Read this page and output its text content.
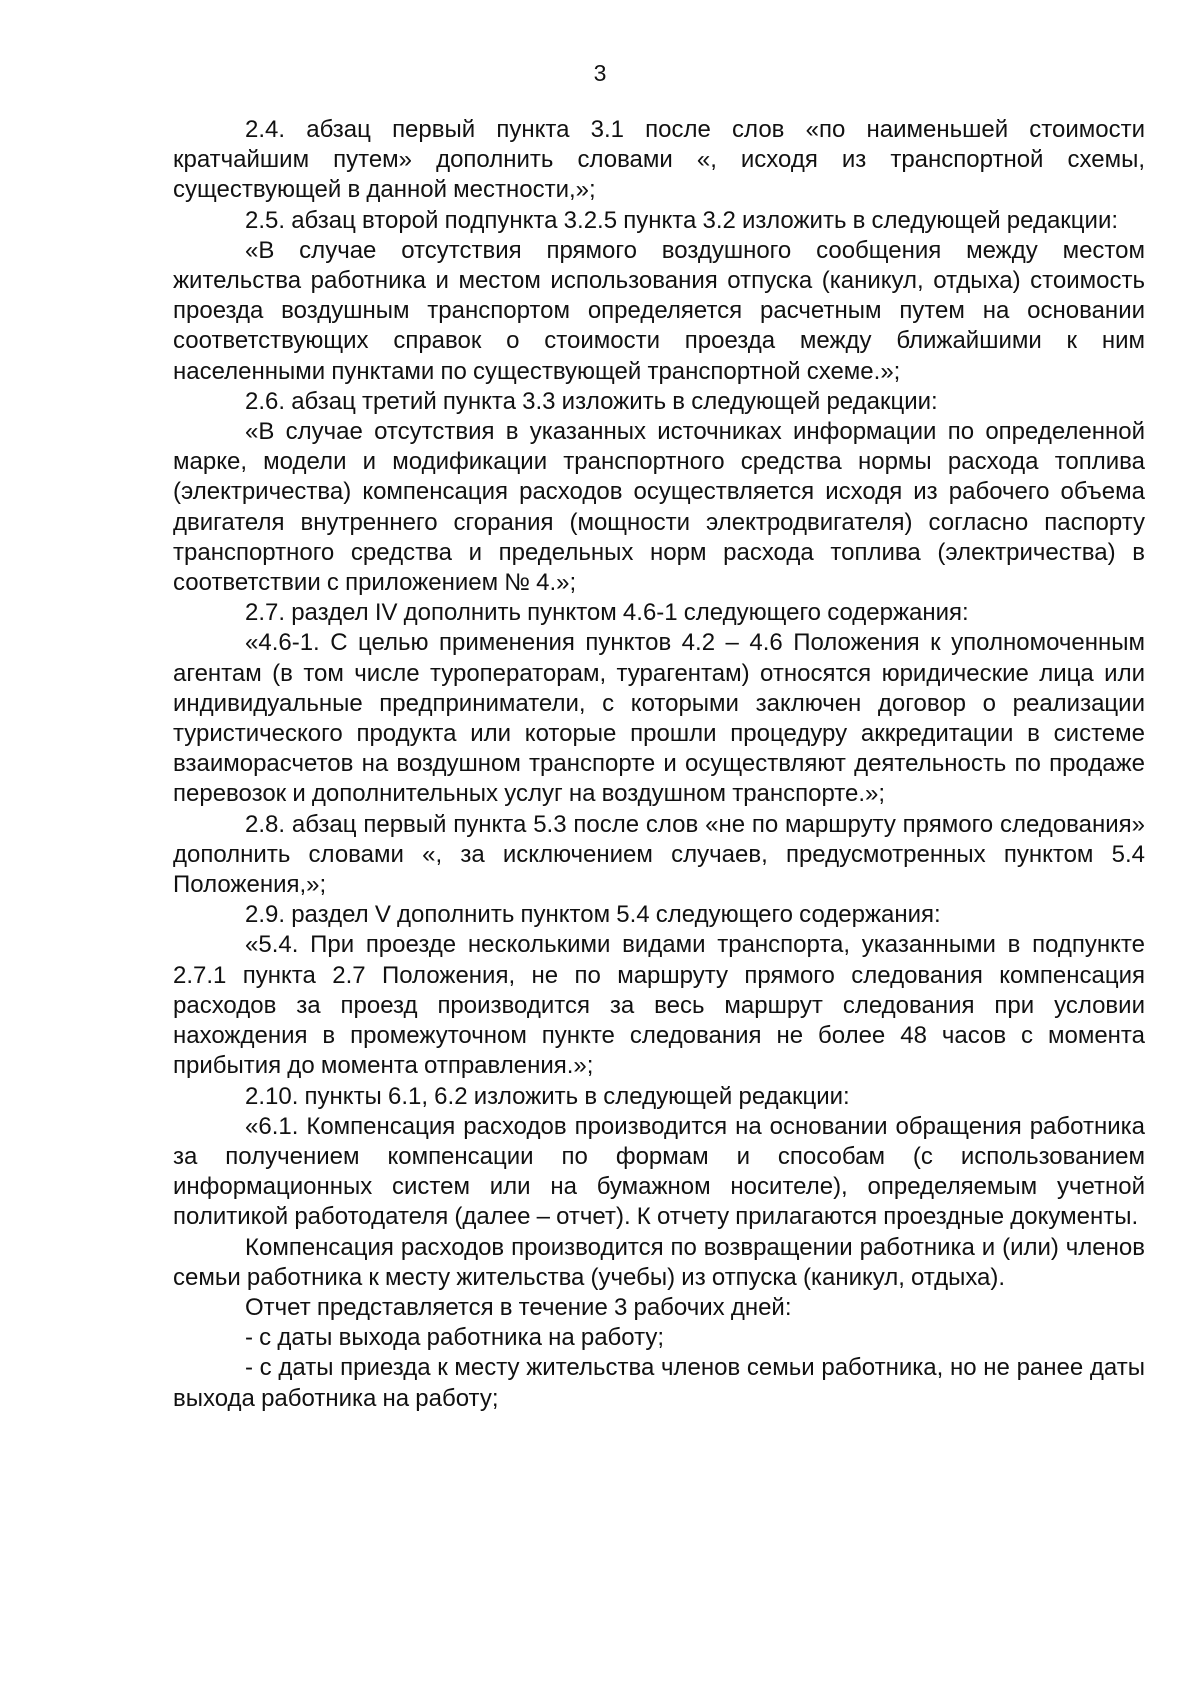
3

2.4. абзац первый пункта 3.1 после слов «по наименьшей стоимости кратчайшим путем» дополнить словами «, исходя из транспортной схемы, существующей в данной местности,»;

2.5. абзац второй подпункта 3.2.5 пункта 3.2 изложить в следующей редакции:

«В случае отсутствия прямого воздушного сообщения между местом жительства работника и местом использования отпуска (каникул, отдыха) стоимость проезда воздушным транспортом определяется расчетным путем на основании соответствующих справок о стоимости проезда между ближайшими к ним населенными пунктами по существующей транспортной схеме.»;

2.6. абзац третий пункта 3.3 изложить в следующей редакции:

«В случае отсутствия в указанных источниках информации по определенной марке, модели и модификации транспортного средства нормы расхода топлива (электричества) компенсация расходов осуществляется исходя из рабочего объема двигателя внутреннего сгорания (мощности электродвигателя) согласно паспорту транспортного средства и предельных норм расхода топлива (электричества) в соответствии с приложением № 4.»;

2.7. раздел IV дополнить пунктом 4.6-1 следующего содержания:

«4.6-1. С целью применения пунктов 4.2 – 4.6 Положения к уполномоченным агентам (в том числе туроператорам, турагентам) относятся юридические лица или индивидуальные предприниматели, с которыми заключен договор о реализации туристического продукта или которые прошли процедуру аккредитации в системе взаиморасчетов на воздушном транспорте и осуществляют деятельность по продаже перевозок и дополнительных услуг на воздушном транспорте.»;

2.8. абзац первый пункта 5.3 после слов «не по маршруту прямого следования» дополнить словами «, за исключением случаев, предусмотренных пунктом 5.4 Положения,»;

2.9. раздел V дополнить пунктом 5.4 следующего содержания:

«5.4. При проезде несколькими видами транспорта, указанными в подпункте 2.7.1 пункта 2.7 Положения, не по маршруту прямого следования компенсация расходов за проезд производится за весь маршрут следования при условии нахождения в промежуточном пункте следования не более 48 часов с момента прибытия до момента отправления.»;

2.10. пункты 6.1, 6.2 изложить в следующей редакции:

«6.1. Компенсация расходов производится на основании обращения работника за получением компенсации по формам и способам (с использованием информационных систем или на бумажном носителе), определяемым учетной политикой работодателя (далее – отчет). К отчету прилагаются проездные документы.

Компенсация расходов производится по возвращении работника и (или) членов семьи работника к месту жительства (учебы) из отпуска (каникул, отдыха).

Отчет представляется в течение 3 рабочих дней:

- с даты выхода работника на работу;

- с даты приезда к месту жительства членов семьи работника, но не ранее даты выхода работника на работу;
